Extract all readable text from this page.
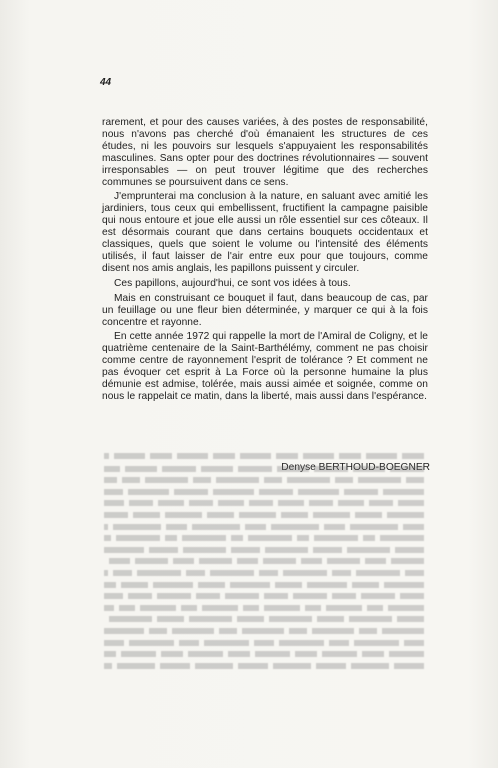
44

rarement, et pour des causes variées, à des postes de responsabilité, nous n'avons pas cherché d'où émanaient les structures de ces études, ni les pouvoirs sur lesquels s'appuyaient les responsabilités masculines. Sans opter pour des doctrines révolutionnaires — souvent irresponsables — on peut trouver légitime que des recherches communes se poursuivent dans ce sens.

J'emprunterai ma conclusion à la nature, en saluant avec amitié les jardiniers, tous ceux qui embellissent, fructifient la campagne paisible qui nous entoure et joue elle aussi un rôle essentiel sur ces côteaux. Il est désormais courant que dans certains bouquets occidentaux et classiques, quels que soient le volume ou l'intensité des éléments utilisés, il faut laisser de l'air entre eux pour que toujours, comme disent nos amis anglais, les papillons puissent y circuler.

Ces papillons, aujourd'hui, ce sont vos idées à tous.

Mais en construisant ce bouquet il faut, dans beaucoup de cas, par un feuillage ou une fleur bien déterminée, y marquer ce qui à la fois concentre et rayonne.

En cette année 1972 qui rappelle la mort de l'Amiral de Coligny, et le quatrième centenaire de la Saint-Barthélémy, comment ne pas choisir comme centre de rayonnement l'esprit de tolérance ? Et comment ne pas évoquer cet esprit à La Force où la personne humaine la plus démunie est admise, tolérée, mais aussi aimée et soignée, comme on nous le rappelait ce matin, dans la liberté, mais aussi dans l'espérance.

Denyse BERTHOUD-BOEGNER
